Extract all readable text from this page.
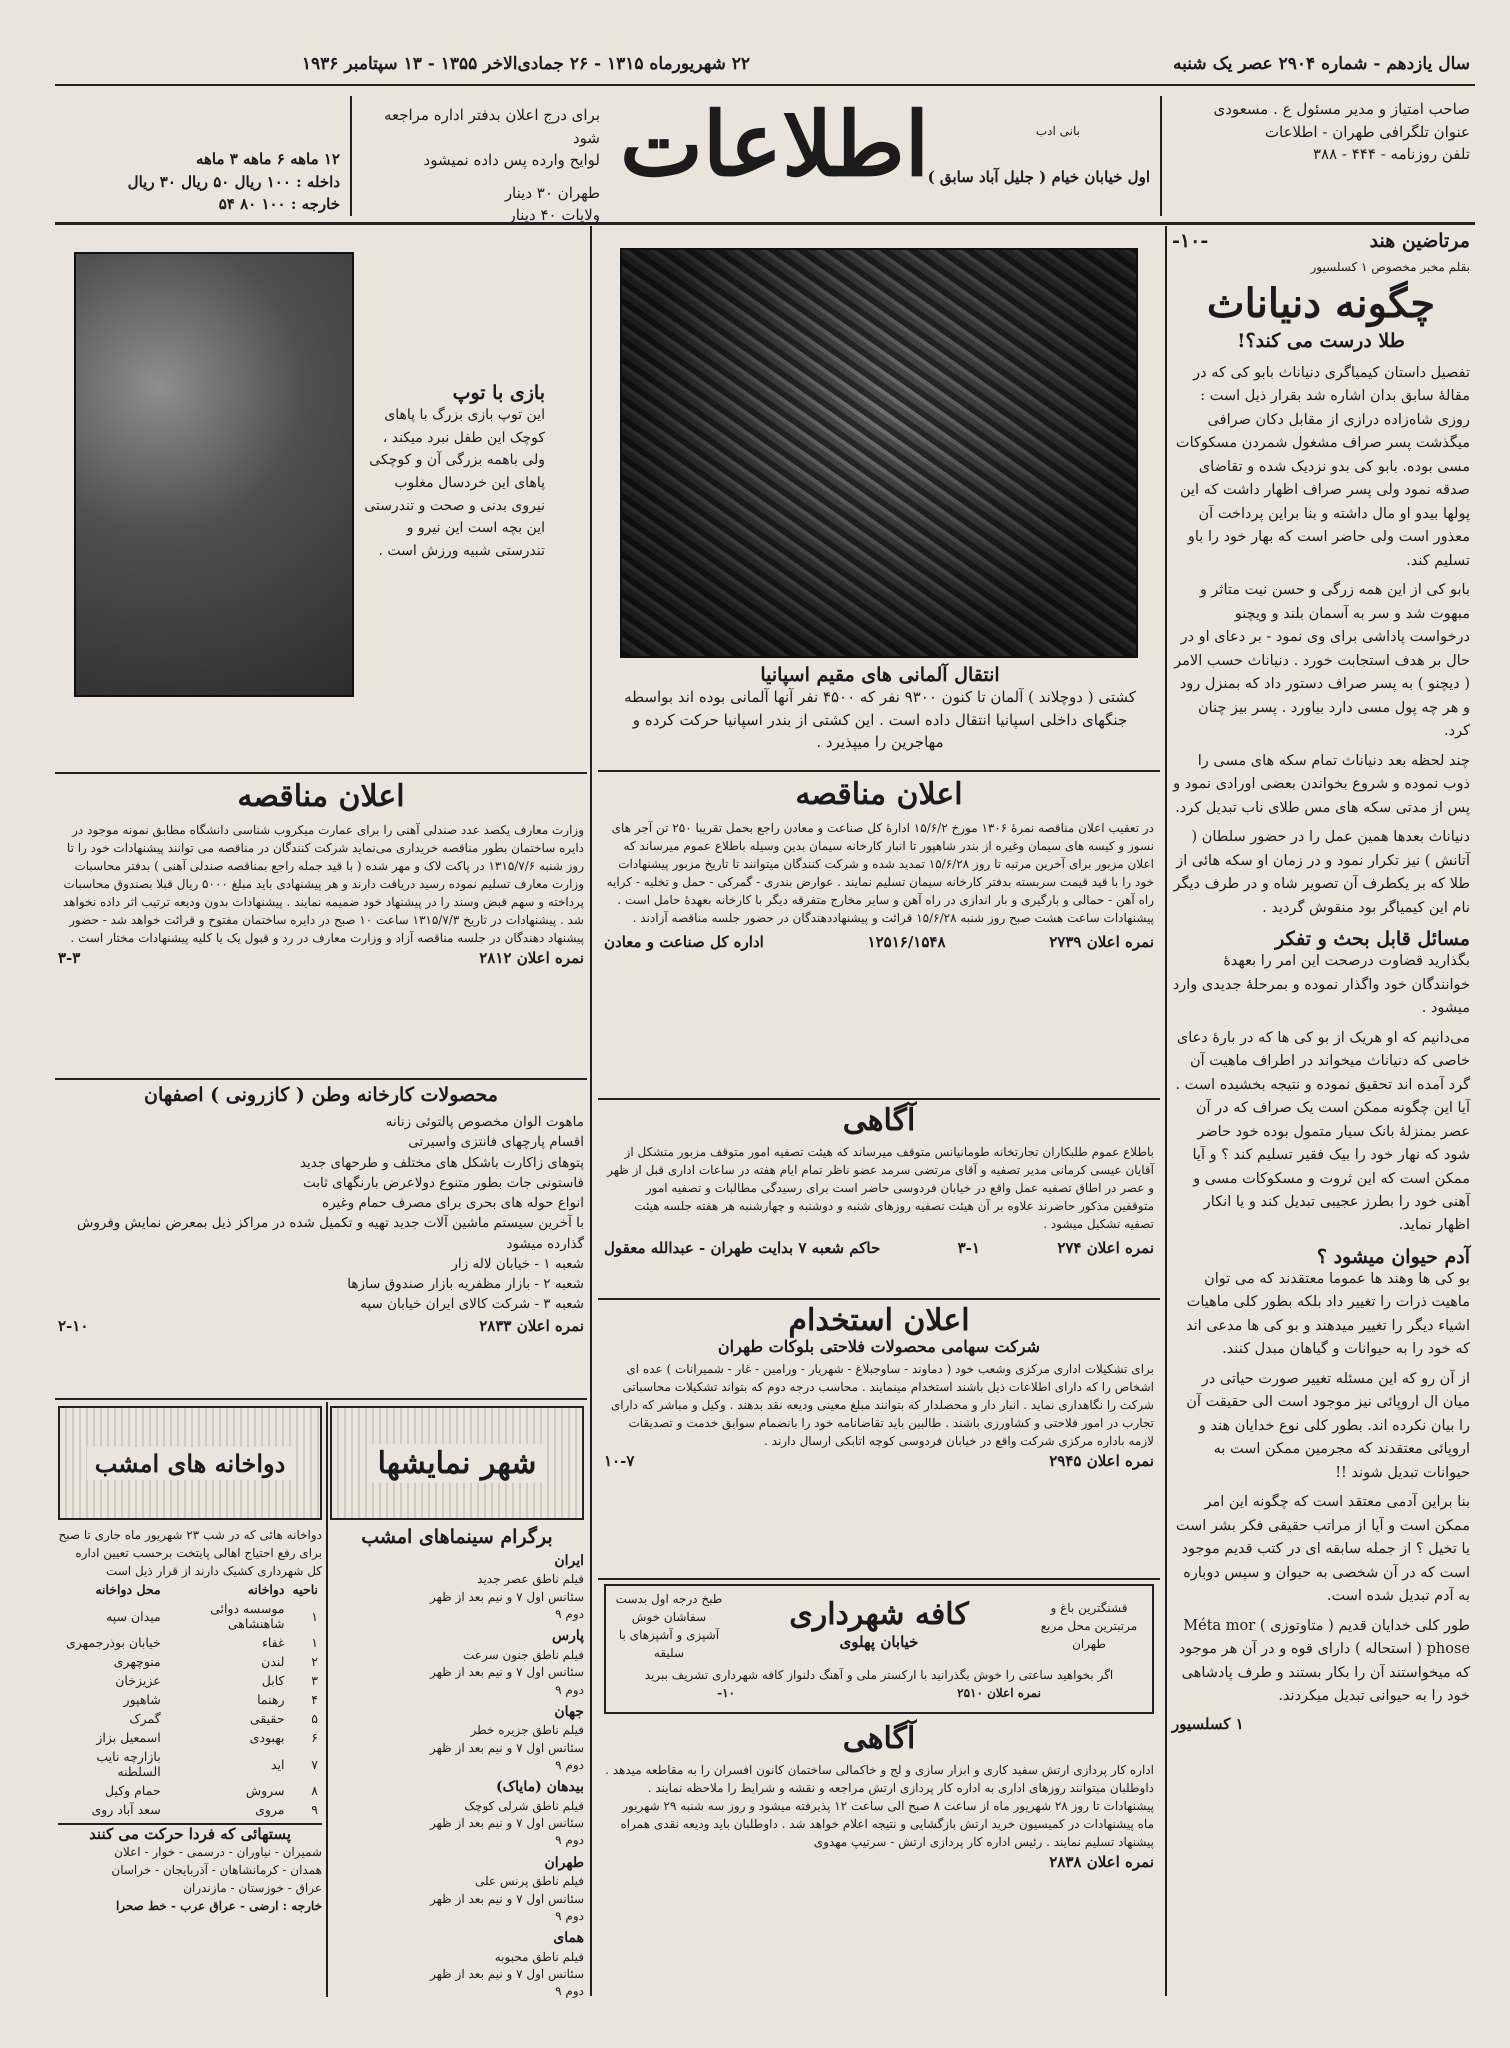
سال یازدهم - شماره ۲۹۰۴ عصر یک شنبه
۲۲ شهریورماه ۱۳۱۵ - ۲۶ جمادی‌الاخر ۱۳۵۵ - ۱۳ سپتامبر ۱۹۳۶
صاحب امتیاز و مدیر مسئول ع . مسعودی
عنوان تلگرافی طهران - اطلاعات
تلفن روزنامه - ۴۴۴ - ۳۸۸
اطلاعات	بانی ادب
اول خیابان خیام ( جلیل آباد سابق )
برای درج اعلان بدفتر اداره مراجعه شود
لوایح وارده پس داده نمیشود
طهران ۳۰ دینار
ولایات ۴۰ دینار
۱۲ ماهه ۶ ماهه ۳ ماهه
داخله : ۱۰۰ ریال ۵۰ ریال ۳۰ ریال
خارجه : ۱۰۰ ۸۰ ۵۴
مرتاضین هند
-۱۰-
بقلم مخبر مخصوص ۱ کسلسیور
چگونه دنیاناث
طلا درست می کند؟!
تفصیل داستان کیمیاگری دنیاناث بابو کی که در مقالهٔ سابق بدان اشاره شد بقرار ذیل است : روزی شاه‌زاده درازی از مقابل دکان صرافی میگذشت پسر صراف مشغول شمردن مسکوکات مسی بوده. بابو کی بدو نزدیک شده و تقاضای صدقه نمود ولی پسر صراف اظهار داشت که این پولها بیدو او مال داشته و بنا براین پرداخت آن معذور است ولی حاضر است که بهار خود را باو تسلیم کند.
بابو کی از این همه زرگی و حسن نیت متاثر و مبهوت شد و سر به آسمان بلند و ویچنو درخواست پاداشی برای وی نمود - بر دعای او در حال بر هدف استجابت خورد . دنیاناث حسب الامر ( دیچنو ) به پسر صراف دستور داد که بمنزل رود و هر چه پول مسی دارد بیاورد . پسر بیز چنان کرد.
چند لحظه بعد دنیاناث تمام سکه های مسی را ذوب نموده و شروع بخواندن بعضی اورادی نمود و پس از مدتی سکه های مس طلای ناب تبدیل کرد.
دنیاناث بعدها همین عمل را در حضور سلطان ( آتانش ) نیز تکرار نمود و در زمان او سکه هائی از طلا که بر یکطرف آن تصویر شاه و در طرف دیگر نام این کیمیاگر بود منقوش گردید .
مسائل قابل بحث و تفکر
بگذارید قضاوت درصحت این امر را بعهدهٔ خوانندگان خود واگذار نموده و بمرحلهٔ جدیدی وارد میشود .
می‌دانیم که او هریک از بو کی ها که در بارهٔ دعای خاصی که دنیاناث میخواند در اطراف ماهیت آن گرد آمده اند تحقیق نموده و نتیجه بخشیده است . آیا این چگونه ممکن است یک صراف که در آن عصر بمنزلهٔ بانک سیار متمول بوده خود حاضر شود که نهار خود را بیک فقیر تسلیم کند ؟ و آیا ممکن است که این ثروت و مسکوکات مسی و آهنی خود را بطرز عجیبی تبدیل کند و یا انکار اظهار نماید.
آدم حیوان میشود ؟
بو کی ها وهند ها عموما معتقدند که می توان ماهیت ذرات را تغییر داد بلکه بطور کلی ماهیات اشیاء دیگر را تغییر میدهند و بو کی ها مدعی اند که خود را به حیوانات و گیاهان مبدل کنند.
از آن رو که این مسئله تغییر صورت حیاتی در میان ال اروپائی نیز موجود است الی حقیقت آن را بیان نکرده اند. بطور کلی نوع خدایان هند و اروپائی معتقدند که مجرمین ممکن است به حیوانات تبدیل شوند !!
بنا براین آدمی معتقد است که چگونه این امر ممکن است و آیا از مراتب حقیقی فکر بشر است یا تخیل ؟ از جمله سابقه ای در کتب قدیم موجود است که در آن شخصی به حیوان و سپس دوباره به آدم تبدیل شده است.
طور کلی خدایان قدیم ( متاوتوزی ) Méta mor phose ( استحاله ) دارای قوه و در آن هر موجود که میخواستند آن را بکار بستند و طرف پادشاهی خود را به حیوانی تبدیل میکردند.
۱ کسلسیور
انتقال آلمانی های مقیم اسپانیا
کشتی ( دوچلاند ) آلمان تا کنون ۹۳۰۰ نفر که ۴۵۰۰ نفر آنها آلمانی بوده اند بواسطه جنگهای داخلی اسپانیا انتقال داده است . این کشتی از بندر اسپانیا حرکت کرده و مهاجرین را میپذیرد .
اعلان مناقصه
در تعقیب اعلان مناقصه نمرهٔ ۱۳۰۶ مورخ ۱۵/۶/۲ ادارهٔ کل صناعت و معادن راجع بحمل تقریبا ۲۵۰ تن آجر های نسوز و کیسه های سیمان وغیره از بندر شاهپور تا انبار کارخانه سیمان بدین وسیله باطلاع عموم میرساند که اعلان مزبور برای آخرین مرتبه تا روز ۱۵/۶/۲۸ تمدید شده و شرکت کنندگان میتوانند تا تاریخ مزبور پیشنهادات خود را با قید قیمت سربسته بدفتر کارخانه سیمان تسلیم نمایند . عوارض بندری - گمرکی - حمل و تخلیه - کرایه راه آهن - حمالی و بارگیری و بار اندازی در راه آهن و سایر مخارج متفرقه دیگر با کارخانه بعهدهٔ حامل است . پیشنهادات ساعت هشت صبح روز شنبه ۱۵/۶/۲۸ قرائت و پیشنهاددهندگان در حضور جلسه مناقصه آزادند .
نمره اعلان ۲۷۳۹
۱۲۵۱۶/۱۵۴۸
اداره کل صناعت و معادن
آگاهی
باطلاع عموم طلبکاران تجارتخانه طومانیانس متوقف میرساند که هیئت تصفیه امور متوقف مزبور متشکل از آقایان عیسی کرمانی مدیر تصفیه و آقای مرتضی سرمد عضو ناظر تمام ایام هفته در ساعات اداری قبل از ظهر و عصر در اطاق تصفیه عمل واقع در خیابان فردوسی حاضر است برای رسیدگی مطالبات و تصفیه امور متوقفین مذکور حاضرند علاوه بر آن هیئت تصفیه روزهای شنبه و دوشنبه و چهارشنبه هر هفته جلسه هیئت تصفیه تشکیل میشود .
نمره اعلان ۲۷۴
۳-۱
حاکم شعبه ۷ بدایت طهران - عبدالله معقول
اعلان استخدام
شرکت سهامی محصولات فلاحتی بلوکات طهران
برای تشکیلات اداری مرکزی وشعب خود ( دماوند - ساوجبلاغ - شهریار - ورامین - غار - شمیرانات ) عده ای اشخاص را که دارای اطلاعات ذیل باشند استخدام مینمایند . محاسب درجه دوم که بتواند تشکیلات محاسباتی شرکت را نگاهداری نماید . انبار دار و محصلدار که بتوانند مبلغ معینی ودیعه نقد بدهند . وکیل و مباشر که دارای تجارب در امور فلاحتی و کشاورزی باشند . طالبین باید تقاضانامه خود را بانضمام سوابق خدمت و تصدیقات لازمه باداره مرکزی شرکت واقع در خیابان فردوسی کوچه اتابکی ارسال دارند .
نمره اعلان ۲۹۴۵
۱۰-۷
قشنگترین باغ و مرتبترین محل مربع طهران
کافه شهرداری
خیابان پهلوی
طبخ درجه اول بدست سفاشان خوش آشپزی و آشپزهای با سلیقه
اگر بخواهید ساعتی را خوش بگذرانید با ارکستر ملی و آهنگ دلنواز کافه شهرداری تشریف ببرید
نمره اعلان ۲۵۱۰
۱۰-
آگاهی
اداره کار پردازی ارتش سفید کاری و ابزار سازی و لج و خاکمالی ساختمان کانون افسران را به مقاطعه میدهد . داوطلبان میتوانند روزهای اداری به اداره کار پردازی ارتش مراجعه و نقشه و شرایط را ملاحظه نمایند . پیشنهادات تا روز ۲۸ شهریور ماه از ساعت ۸ صبح الی ساعت ۱۲ پذیرفته میشود و روز سه شنبه ۲۹ شهریور ماه پیشنهادات در کمیسیون خرید ارتش بازگشایی و نتیجه اعلام خواهد شد . داوطلبان باید ودیعه نقدی همراه پیشنهاد تسلیم نمایند . رئیس اداره کار پردازی ارتش - سرتیپ مهدوی
نمره اعلان ۲۸۳۸
بازی با توپ
این توپ بازی بزرگ با پاهای کوچک این طفل نبرد میکند ، ولی باهمه بزرگی آن و کوچکی پاهای این خردسال مغلوب نیروی بدنی و صحت و تندرستی این بچه است این نیرو و تندرستی شبیه ورزش است .
اعلان مناقصه
وزارت معارف یکصد عدد صندلی آهنی را برای عمارت میکروب شناسی دانشگاه مطابق نمونه موجود در دایره ساختمان بطور مناقصه خریداری می‌نماید شرکت کنندگان در مناقصه می توانند پیشنهادات خود را تا روز شنبه ۱۳۱۵/۷/۶ در پاکت لاک و مهر شده ( با قید جمله راجع بمناقصه صندلی آهنی ) بدفتر محاسبات وزارت معارف تسلیم نموده رسید دریافت دارند و هر پیشنهادی باید مبلغ ۵۰۰۰ ریال قبلا بصندوق محاسبات پرداخته و سهم قبض وسند را در پیشنهاد خود ضمیمه نمایند . پیشنهادات بدون ودیعه ترتیب اثر داده نخواهد شد . پیشنهادات در تاریخ ۱۳۱۵/۷/۳ ساعت ۱۰ صبح در دایره ساختمان مفتوح و قرائت خواهد شد - حضور پیشنهاد دهندگان در جلسه مناقصه آزاد و وزارت معارف در رد و قبول یک یا کلیه پیشنهادات مختار است .
نمره اعلان ۲۸۱۲
۳-۳
محصولات کارخانه وطن ( کازرونی ) اصفهان
ماهوت الوان مخصوص پالتوئی زنانه
اقسام پارچهای فانتزی واسیرتی
پتوهای زاکارت باشکل های مختلف و طرحهای جدید
فاستونی جات بطور متنوع دولاعرض بارنگهای ثابت
انواع حوله های بحری برای مصرف حمام وغیره
با آخرین سیستم ماشین آلات جدید تهیه و تکمیل شده در مراکز ذیل بمعرض نمایش وفروش گذارده میشود
شعبه ۱ - خیابان لاله زار
شعبه ۲ - بازار مظفریه بازار صندوق سازها
شعبه ۳ - شرکت کالای ایران خیابان سپه
نمره اعلان ۲۸۳۳
۲-۱۰
شهر نمایشها
برگرام سینماهای امشب
ایران
فیلم ناطق عصر جدید
سئانس اول ۷ و نیم بعد از ظهر
دوم ۹
پارس
فیلم ناطق جنون سرعت
سئانس اول ۷ و نیم بعد از ظهر
دوم ۹
جهان
فیلم ناطق جزیره خطر
سئانس اول ۷ و نیم بعد از ظهر
دوم ۹
بیدهان (مایاک)
فیلم ناطق شرلی کوچک
سئانس اول ۷ و نیم بعد از ظهر
دوم ۹
طهران
فیلم ناطق پرنس علی
سئانس اول ۷ و نیم بعد از ظهر
دوم ۹
همای
فیلم ناطق محبوبه
سئانس اول ۷ و نیم بعد از ظهر
دوم ۹
دواخانه های امشب
دواخانه هائی که در شب ۲۳ شهریور ماه جاری تا صبح برای رفع احتیاج اهالی پایتخت برحسب تعیین اداره کل شهرداری کشیک دارند از قرار ذیل است
ناحیه	دواخانه	محل دواخانه
۱	موسسه دوائی شاهنشاهی	میدان سپه
۱	غفاء	خیابان بوذرجمهری
۲	لندن	منوچهری
۳	کابل	عزیزخان
۴	رهنما	شاهپور
۵	حقیقی	گمرک
۶	بهبودی	اسمعیل بزاز
۷	اید	بازارچه نایب السلطنه
۸	سروش	حمام وکیل
۹	مروی	سعد آباد روی
پستهائی که فردا حرکت می کنند
شمیران - نیاوران - درسمی - خوار - اعلان
همدان - کرمانشاهان - آذربایجان - خراسان
عراق - خوزستان - مازندران
خارجه : ارضی - عراق عرب - خط صحرا
